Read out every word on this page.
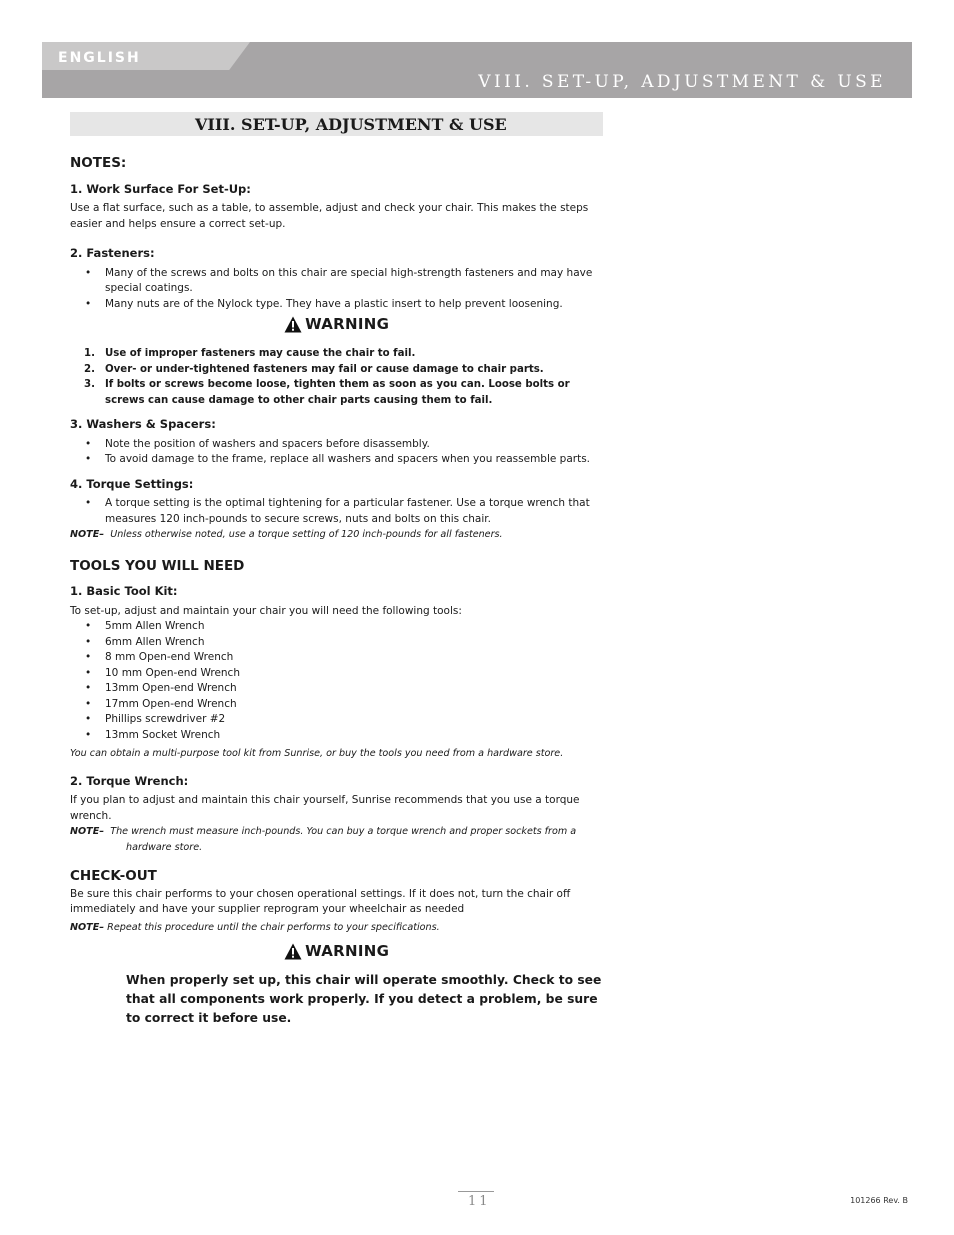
ENGLISH
VIII. SET-UP, ADJUSTMENT & USE
VIII. SET-UP, ADJUSTMENT & USE
NOTES:
1. Work Surface For Set-Up:

Use a flat surface, such as a table, to assemble, adjust and check your chair. This makes the steps easier and helps ensure a correct set-up.

2. Fasteners:
• Many of the screws and bolts on this chair are special high-strength fasteners and may have special coatings.
• Many nuts are of the Nylock type. They have a plastic insert to help prevent loosening.
WARNING
1. Use of improper fasteners may cause the chair to fail.
2. Over- or under-tightened fasteners may fail or cause damage to chair parts.
3. If bolts or screws become loose, tighten them as soon as you can. Loose bolts or screws can cause damage to other chair parts causing them to fail.
3. Washers & Spacers:
• Note the position of washers and spacers before disassembly.
• To avoid damage to the frame, replace all washers and spacers when you reassemble parts.
4. Torque Settings:
• A torque setting is the optimal tightening for a particular fastener. Use a torque wrench that measures 120 inch-pounds to secure screws, nuts and bolts on this chair.

NOTE– Unless otherwise noted, use a torque setting of 120 inch-pounds for all fasteners.

TOOLS YOU WILL NEED
1. Basic Tool Kit:

To set-up, adjust and maintain your chair you will need the following tools:

• 5mm Allen Wrench
• 6mm Allen Wrench
• 8 mm Open-end Wrench
• 10 mm Open-end Wrench
• 13mm Open-end Wrench
• 17mm Open-end Wrench
• Phillips screwdriver #2
• 13mm Socket Wrench

You can obtain a multi-purpose tool kit from Sunrise, or buy the tools you need from a hardware store.

2. Torque Wrench:

If you plan to adjust and maintain this chair yourself, Sunrise recommends that you use a torque wrench.

NOTE– The wrench must measure inch-pounds. You can buy a torque wrench and proper sockets from a hardware store.

CHECK-OUT

Be sure this chair performs to your chosen operational settings. If it does not, turn the chair off immediately and have your supplier reprogram your wheelchair as needed

NOTE– Repeat this procedure until the chair performs to your specifications.

WARNING

When properly set up, this chair will operate smoothly. Check to see that all components work properly. If you detect a problem, be sure to correct it before use.

11	101266 Rev. B
